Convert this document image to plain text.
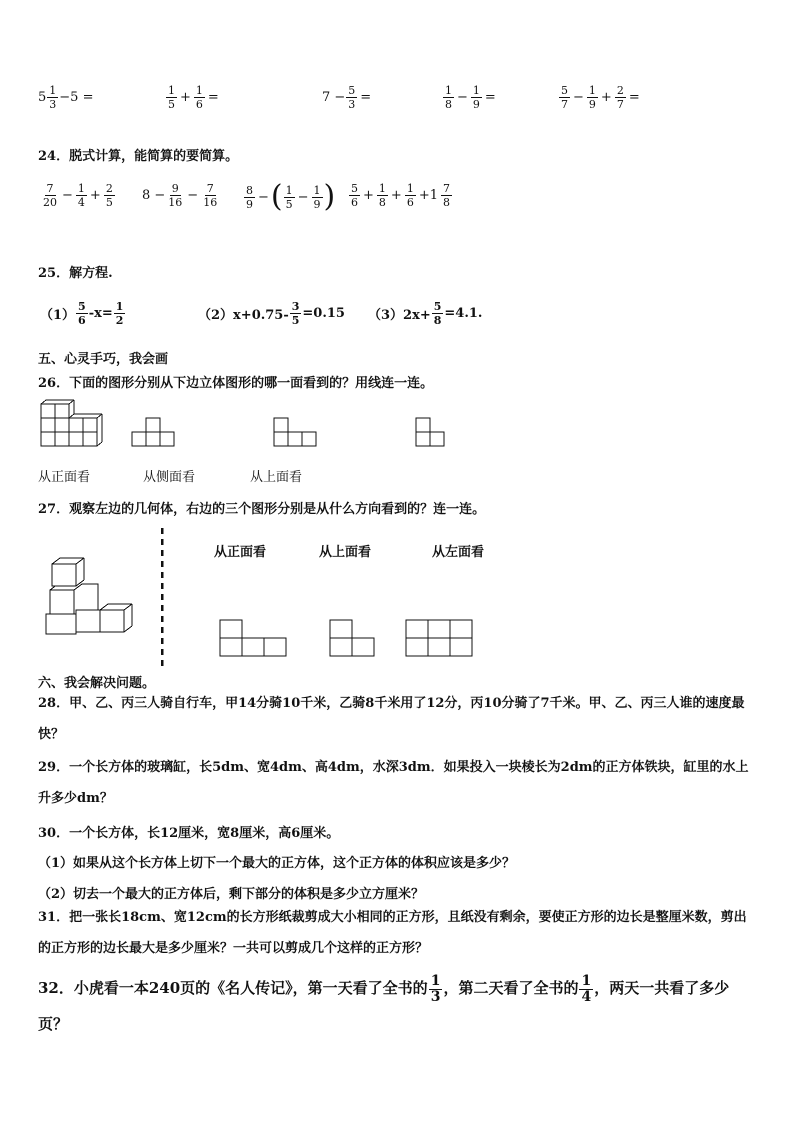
$5 \frac{1}{3} -5$ =	$\frac{1}{5} + \frac{1}{6}$ =	$7 - \frac{5}{3}$ =	$\frac{1}{8} - \frac{1}{9}$ =	$\frac{5}{7} - \frac{1}{9} + \frac{2}{7}$ =
24．脱式计算，能简算的要简算。
$\frac{7}{20} - \frac{1}{4} + \frac{2}{5} 8 - \frac{9}{16} - \frac{7}{16} \frac{8}{9}$ − ( $\frac{1}{5} - \frac{1}{9}$ ) $\frac{5}{6} + \frac{1}{8} + \frac{1}{6} +1 \frac{7}{8}$
25．解方程.
$(1) \frac{5}{6} -x= \frac{1}{2}$	$(2)x+0.75- \frac{3}{5} =0.15$ $(3)2x+ \frac{5}{8} =4.1$.
五、心灵手巧，我会画
26．下面的图形分别从下边立体图形的哪一面看到的？用线连一连。
从正面看	从侧面看	从上面看
27．观察左边的几何体，右边的三个图形分别是从什么方向看到的？连一连。
从正面看	从上面看	从左面看
六、我会解决问题。
28．甲、乙、丙三人骑自行车，甲14分骑10千米，乙骑8千米用了12分，丙10分骑了7千米。甲、乙、丙三人谁的速度最快？
29．一个长方体的玻璃缸，长5dm、宽4dm、高4dm，水深3dm．如果投入一块棱长为2dm的正方体铁块，缸里的水上升多少dm？
30．一个长方体，长12厘米，宽8厘米，高6厘米。
（1）如果从这个长方体上切下一个最大的正方体，这个正方体的体积应该是多少？
（2）切去一个最大的正方体后，剩下部分的体积是多少立方厘米？
31．把一张长18cm、宽12cm的长方形纸裁剪成大小相同的正方形，且纸没有剩余，要使正方形的边长是整厘米数，剪出的正方形的边长最大是多少厘米？一共可以剪成几个这样的正方形？
32．小虎看一本240页的《名人传记》，第一天看了全书的 $\frac{1}{3}$ ，第二天看了全书的 $\frac{1}{4}$ ，两天一共看了多少页？
